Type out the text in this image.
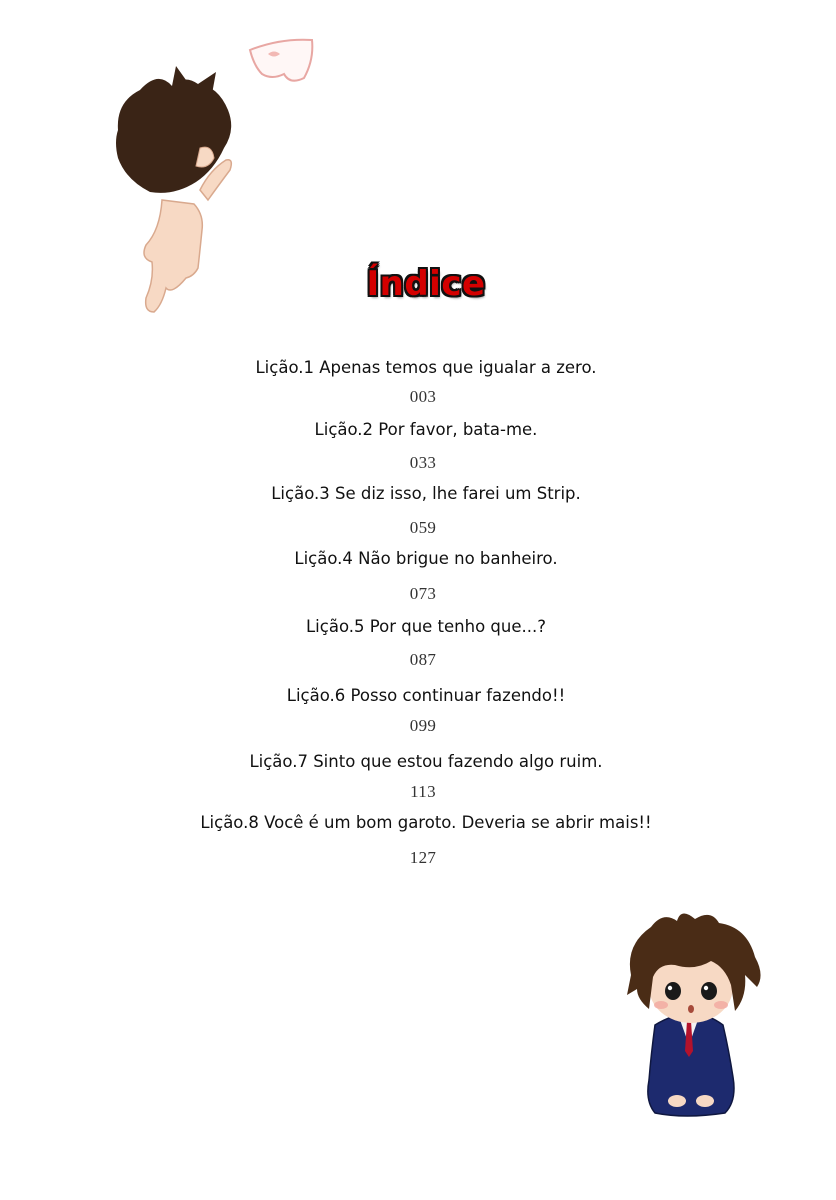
Índice
Lição.1 Apenas temos que igualar a zero.
003
Lição.2 Por favor, bata-me.
033
Lição.3 Se diz isso, lhe farei um Strip.
059
Lição.4 Não brigue no banheiro.
073
Lição.5 Por que tenho que...?
087
Lição.6 Posso continuar fazendo!!
099
Lição.7 Sinto que estou fazendo algo ruim.
113
Lição.8 Você é um bom garoto. Deveria se abrir mais!!
127
